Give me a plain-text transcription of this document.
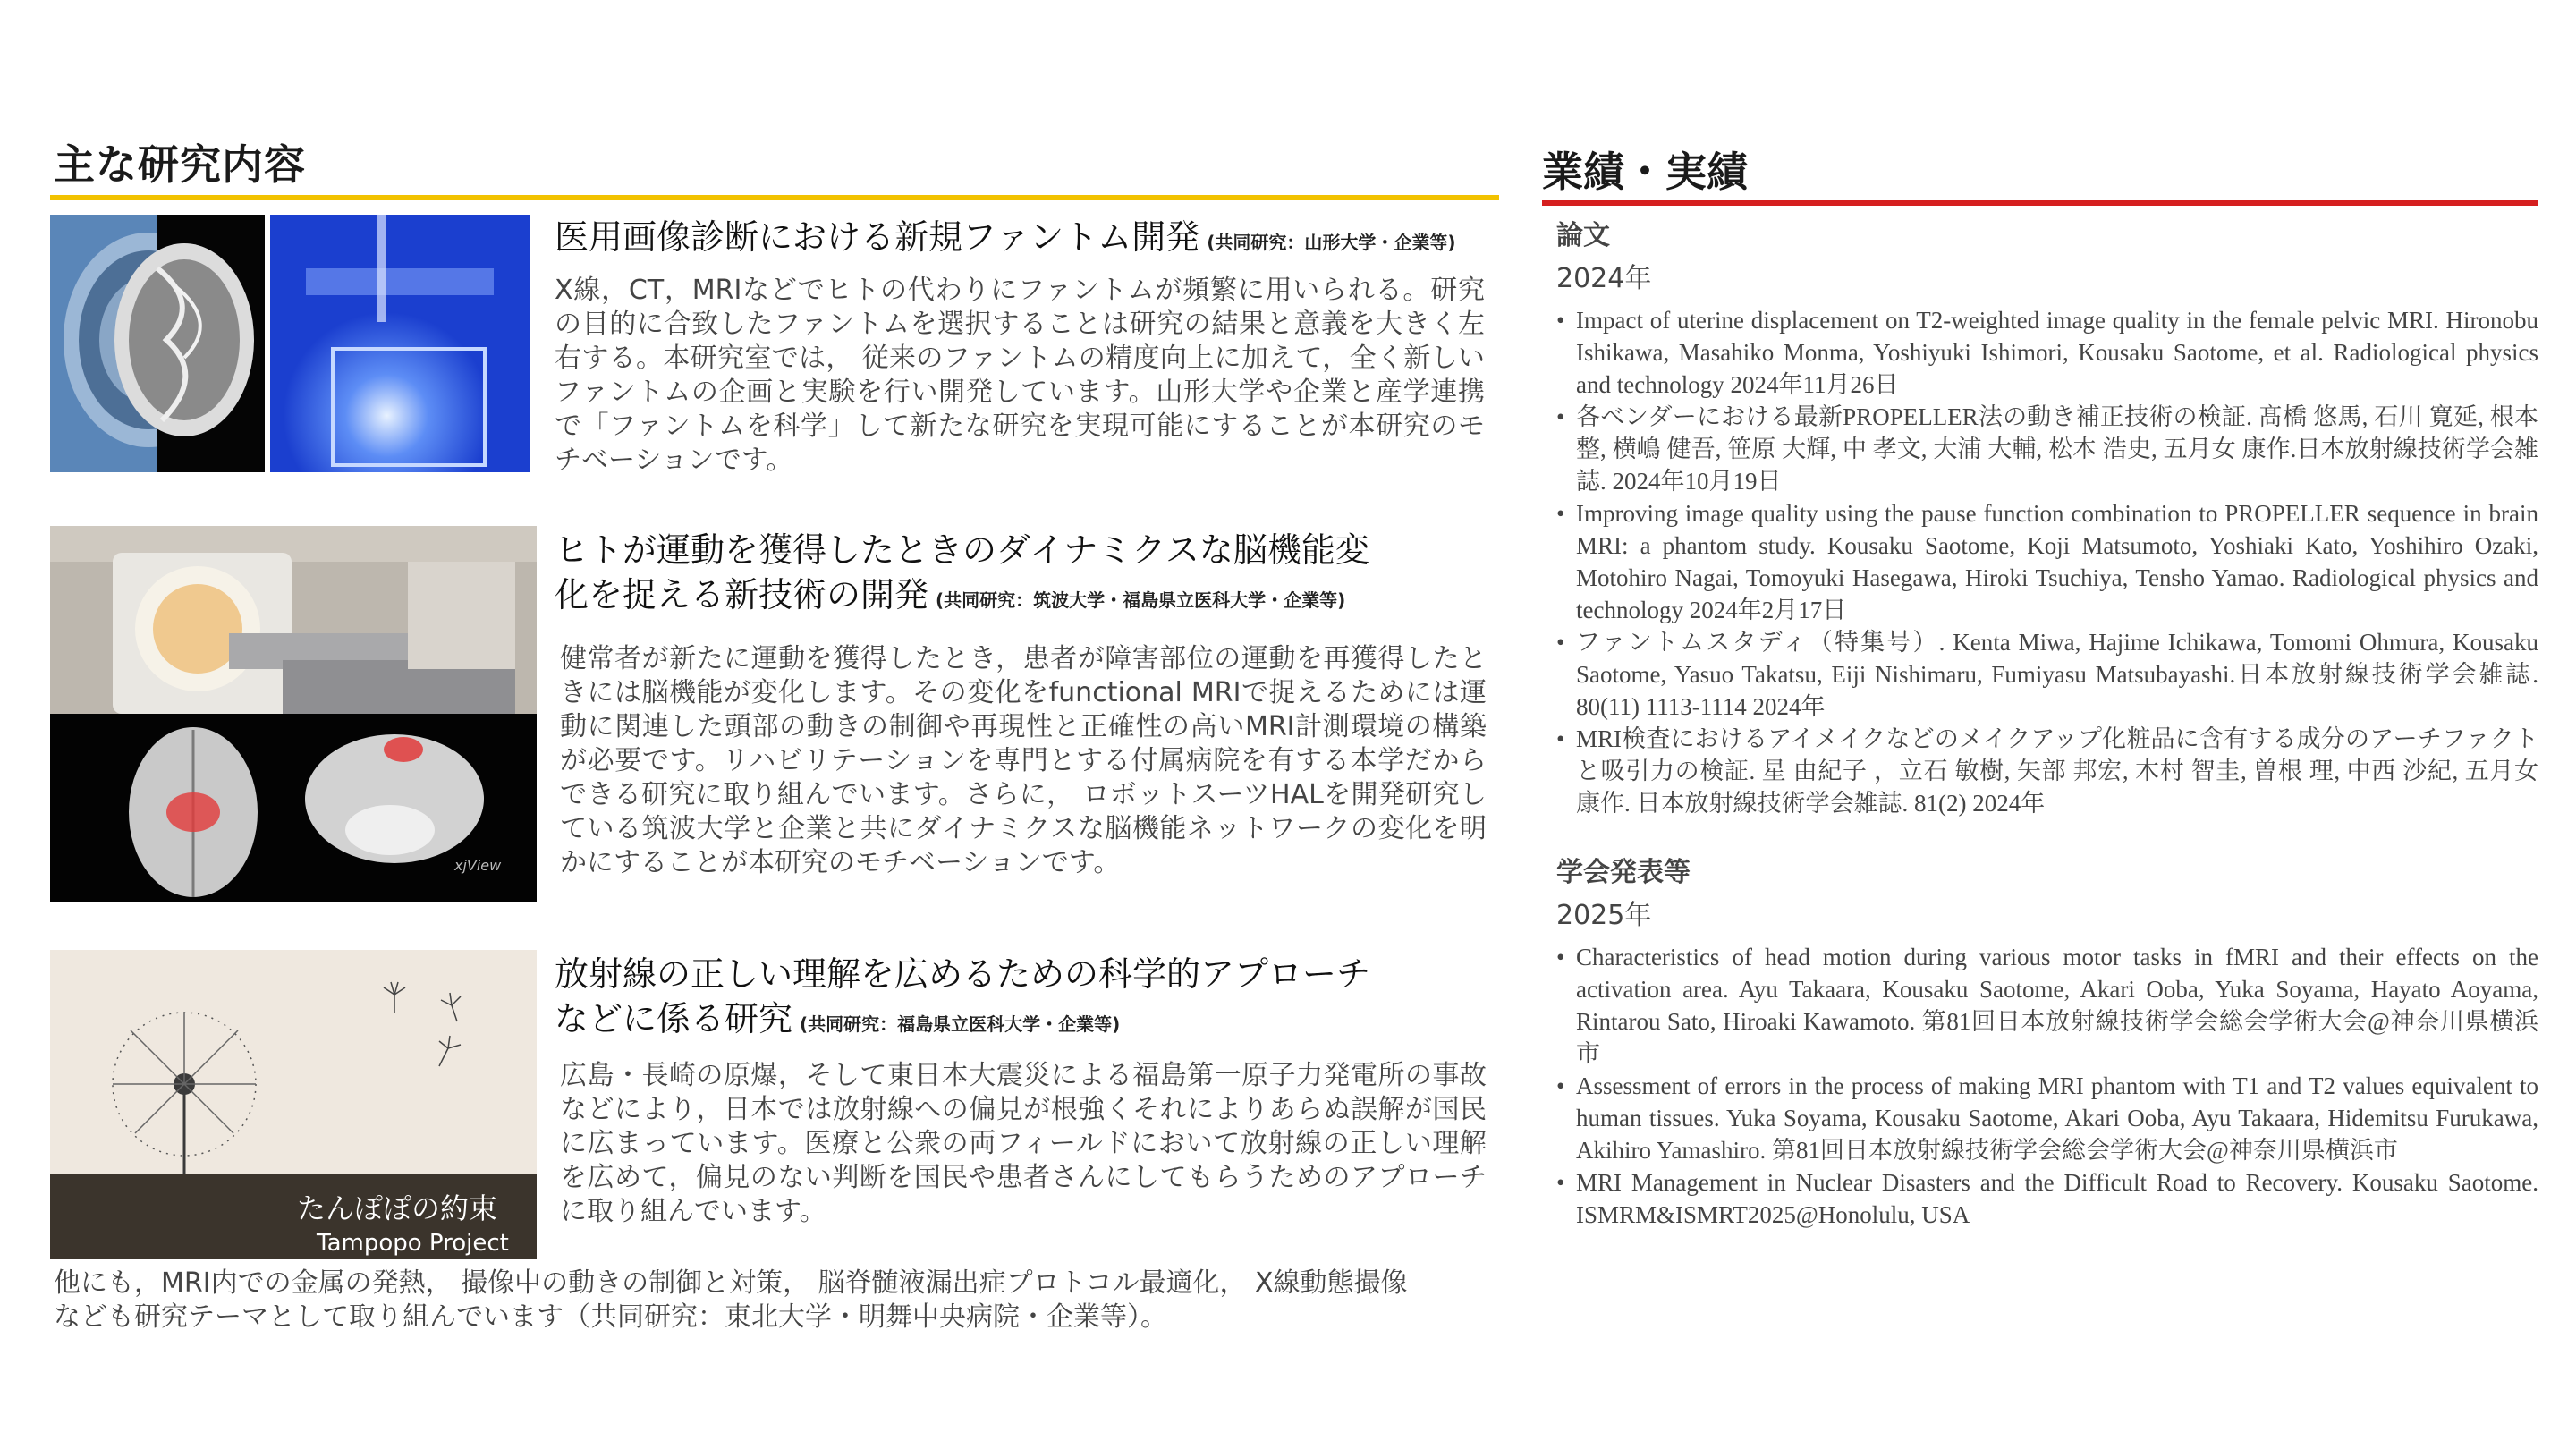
主な研究内容
医用画像診断における新規ファントム開発 (共同研究：山形大学・企業等)
X線，CT，MRIなどでヒトの代わりにファントムが頻繁に用いられる。研究の目的に合致したファントムを選択することは研究の結果と意義を大きく左右する。本研究室では， 従来のファントムの精度向上に加えて，全く新しいファントムの企画と実験を行い開発しています。山形大学や企業と産学連携で「ファントムを科学」して新たな研究を実現可能にすることが本研究のモチベーションです。
xjView
ヒトが運動を獲得したときのダイナミクスな脳機能変
化を捉える新技術の開発 (共同研究：筑波大学・福島県立医科大学・企業等)
健常者が新たに運動を獲得したとき，患者が障害部位の運動を再獲得したときには脳機能が変化します。その変化をfunctional MRIで捉えるためには運動に関連した頭部の動きの制御や再現性と正確性の高いMRI計測環境の構築が必要です。リハビリテーションを専門とする付属病院を有する本学だからできる研究に取り組んでいます。さらに， ロボットスーツHALを開発研究している筑波大学と企業と共にダイナミクスな脳機能ネットワークの変化を明かにすることが本研究のモチベーションです。
たんぽぽの約束
Tampopo Project
放射線の正しい理解を広めるための科学的アプローチ
などに係る研究 (共同研究：福島県立医科大学・企業等)
広島・長崎の原爆，そして東日本大震災による福島第一原子力発電所の事故などにより，日本では放射線への偏見が根強くそれによりあらぬ誤解が国民に広まっています。医療と公衆の両フィールドにおいて放射線の正しい理解を広めて，偏見のない判断を国民や患者さんにしてもらうためのアプローチに取り組んでいます。
他にも，MRI内での金属の発熱， 撮像中の動きの制御と対策， 脳脊髄液漏出症プロトコル最適化， X線動態撮像
なども研究テーマとして取り組んでいます（共同研究：東北大学・明舞中央病院・企業等）。
業績・実績
論文
2024年
• Impact of uterine displacement on T2-weighted image quality in the female pelvic MRI. Hironobu Ishikawa, Masahiko Monma, Yoshiyuki Ishimori, Kousaku Saotome, et al. Radiological physics and technology 2024年11月26日
• 各ベンダーにおける最新PROPELLER法の動き補正技術の検証. 髙橋 悠馬, 石川 寛延, 根本 整, 横嶋 健吾, 笹原 大輝, 中 孝文, 大浦 大輔, 松本 浩史, 五月女 康作.日本放射線技術学会雑誌. 2024年10月19日
• Improving image quality using the pause function combination to PROPELLER sequence in brain MRI: a phantom study. Kousaku Saotome, Koji Matsumoto, Yoshiaki Kato, Yoshihiro Ozaki, Motohiro Nagai, Tomoyuki Hasegawa, Hiroki Tsuchiya, Tensho Yamao. Radiological physics and technology 2024年2月17日
• ファントムスタディ（特集号）. Kenta Miwa, Hajime Ichikawa, Tomomi Ohmura, Kousaku Saotome, Yasuo Takatsu, Eiji Nishimaru, Fumiyasu Matsubayashi.日本放射線技術学会雑誌. 80(11) 1113-1114 2024年
• MRI検査におけるアイメイクなどのメイクアップ化粧品に含有する成分のアーチファクトと吸引力の検証. 星 由紀子 ，立石 敏樹, 矢部 邦宏, 木村 智圭, 曽根 理, 中西 沙紀, 五月女 康作. 日本放射線技術学会雑誌. 81(2) 2024年
学会発表等
2025年
• Characteristics of head motion during various motor tasks in fMRI and their effects on the activation area. Ayu Takaara, Kousaku Saotome, Akari Ooba, Yuka Soyama, Hayato Aoyama, Rintarou Sato, Hiroaki Kawamoto. 第81回日本放射線技術学会総会学術大会@神奈川県横浜市
• Assessment of errors in the process of making MRI phantom with T1 and T2 values equivalent to human tissues. Yuka Soyama, Kousaku Saotome, Akari Ooba, Ayu Takaara, Hidemitsu Furukawa, Akihiro Yamashiro. 第81回日本放射線技術学会総会学術大会@神奈川県横浜市
• MRI Management in Nuclear Disasters and the Difficult Road to Recovery. Kousaku Saotome. ISMRM&ISMRT2025@Honolulu, USA
